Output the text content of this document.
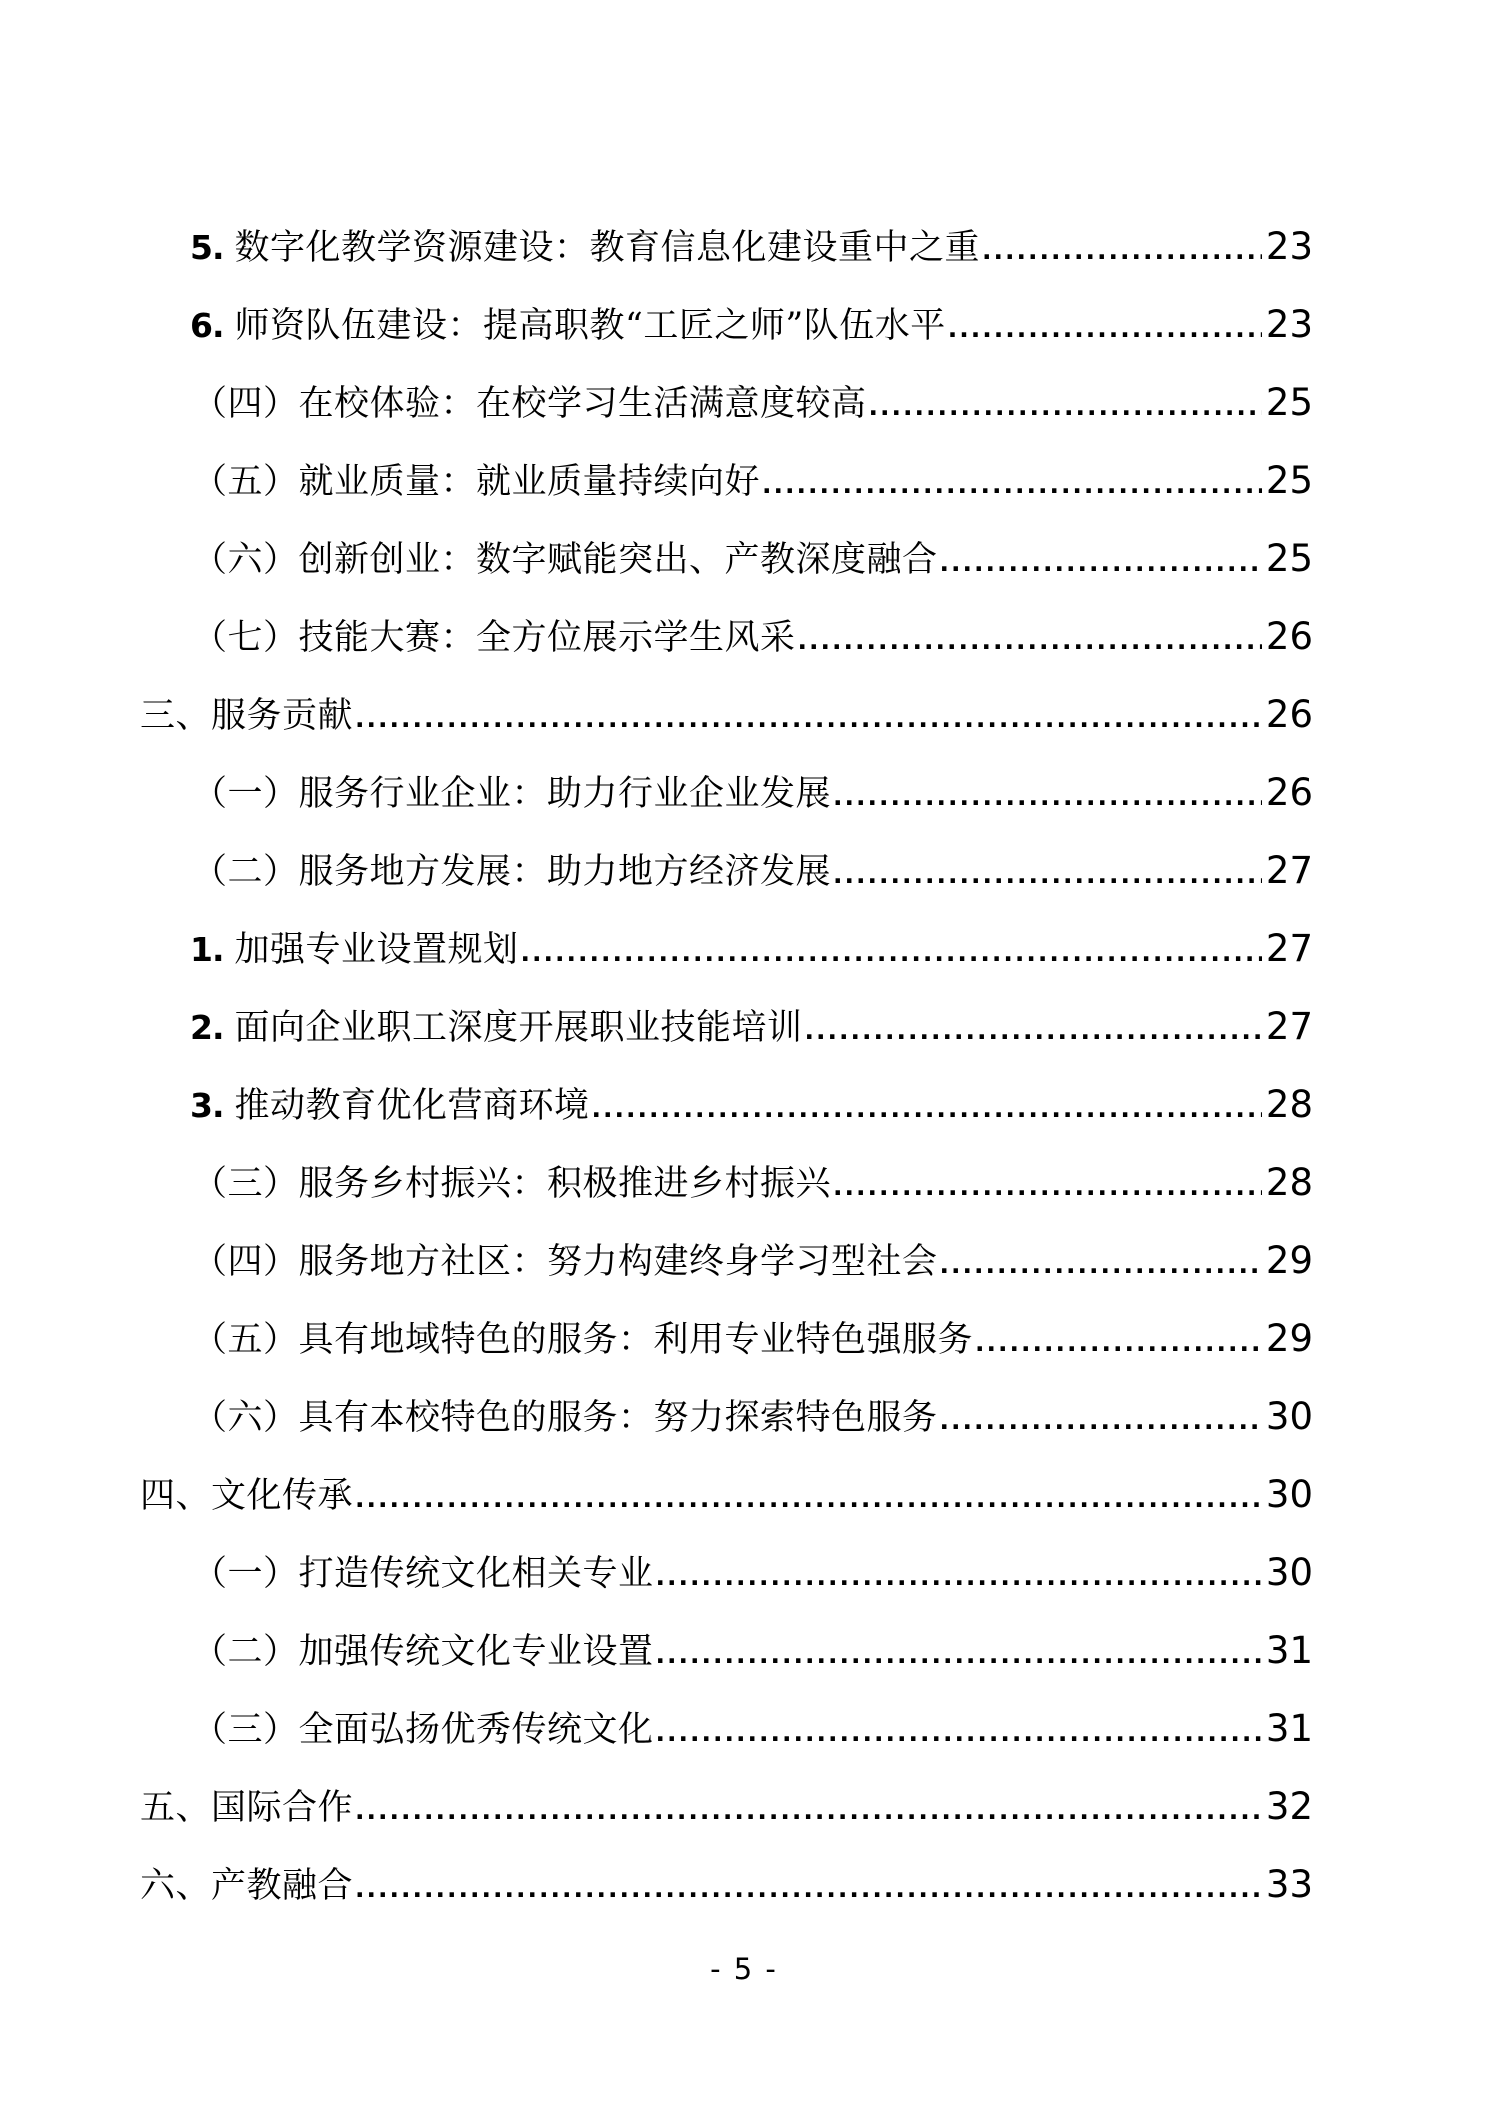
5. 数字化教学资源建设：教育信息化建设重中之重 .....	23
6. 师资队伍建设：提高职教“工匠之师”队伍水平 .....	23
（四）在校体验：在校学习生活满意度较高 .....	25
（五）就业质量：就业质量持续向好 .....	25
（六）创新创业：数字赋能突出、产教深度融合 .....	25
（七）技能大赛：全方位展示学生风采 .....	26
三、服务贡献 .....	26
（一）服务行业企业：助力行业企业发展 .....	26
（二）服务地方发展：助力地方经济发展 .....	27
1. 加强专业设置规划 .....	27
2. 面向企业职工深度开展职业技能培训 .....	27
3. 推动教育优化营商环境 .....	28
（三）服务乡村振兴：积极推进乡村振兴 .....	28
（四）服务地方社区：努力构建终身学习型社会 .....	29
（五）具有地域特色的服务：利用专业特色强服务 .....	29
（六）具有本校特色的服务：努力探索特色服务 .....	30
四、文化传承 .....	30
（一）打造传统文化相关专业 .....	30
（二）加强传统文化专业设置 .....	31
（三）全面弘扬优秀传统文化 .....	31
五、国际合作 .....	32
六、产教融合 .....	33
- 5 -
